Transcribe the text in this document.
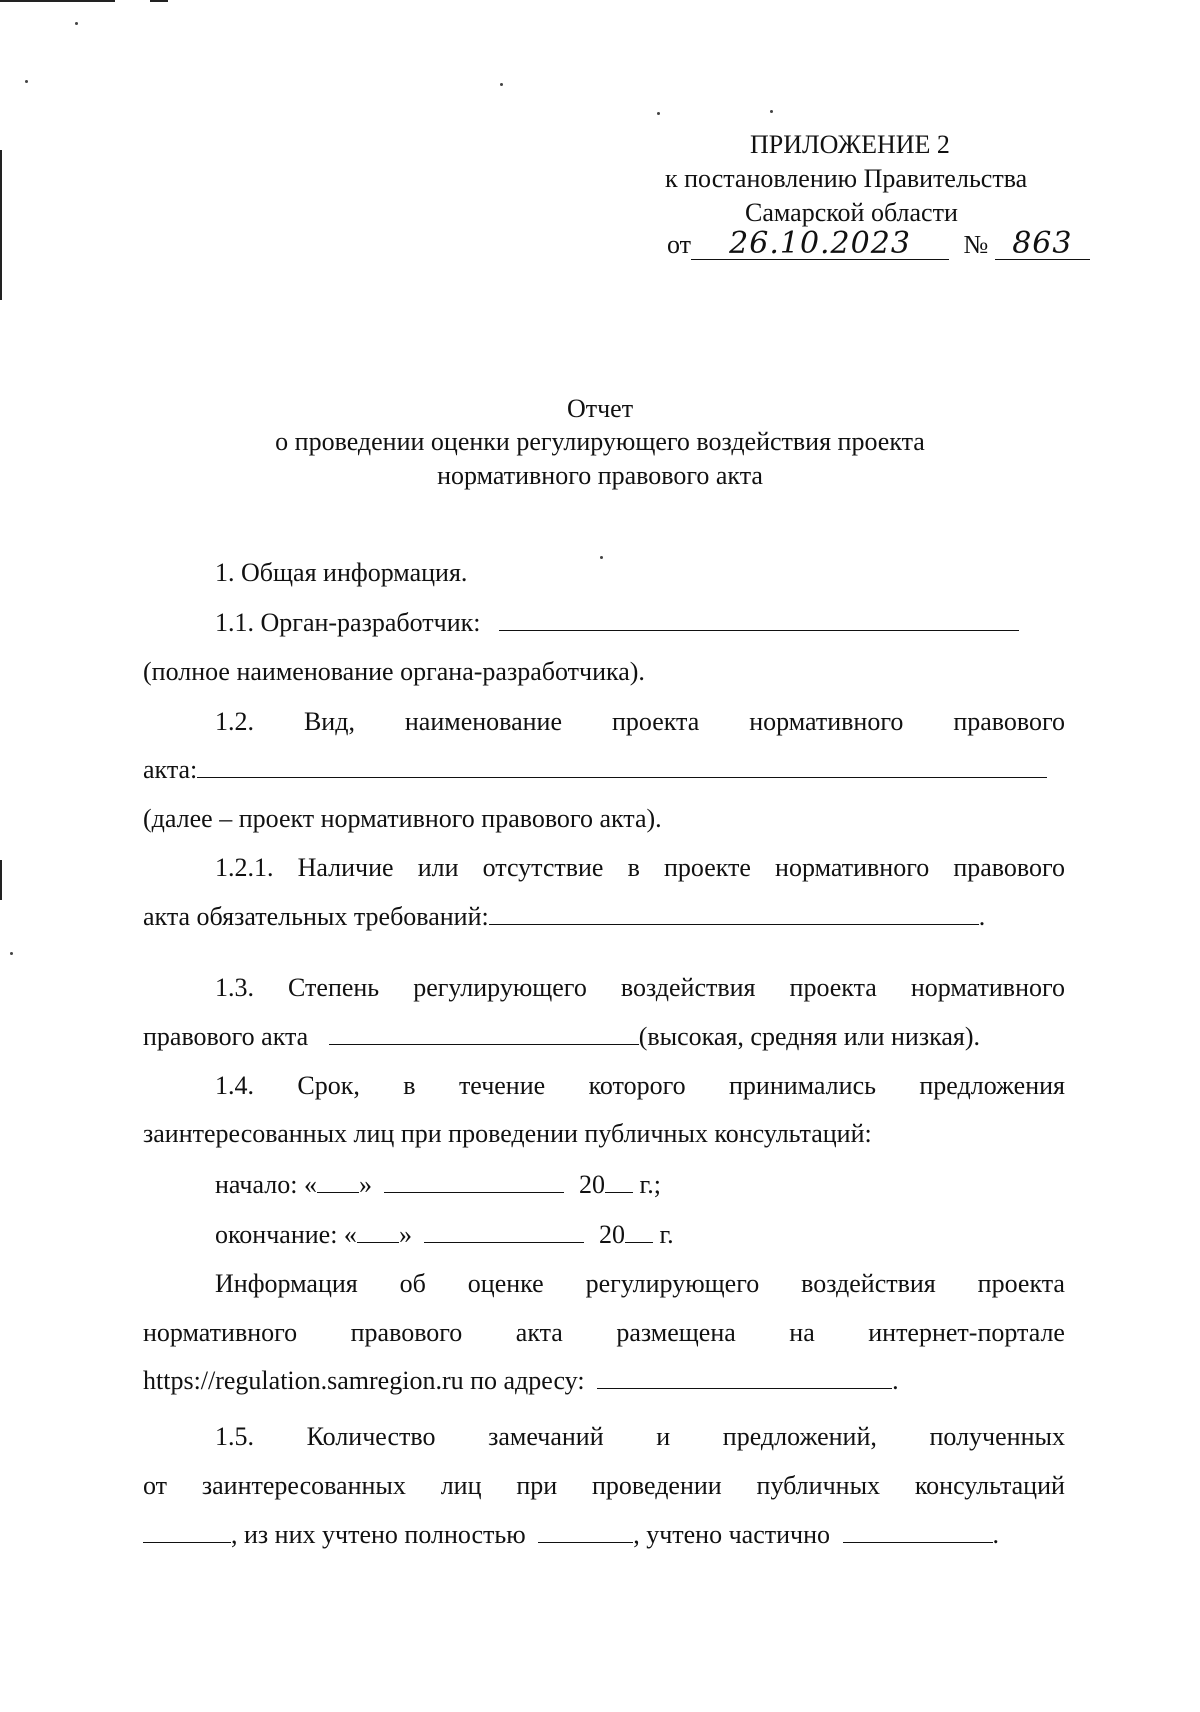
ПРИЛОЖЕНИЕ 2
к постановлению Правительства
Самарской области
от 26.10.2023 № 863
Отчет
о проведении оценки регулирующего воздействия проекта
нормативного правового акта
1. Общая информация.
1.1. Орган-разработчик:
(полное наименование органа-разработчика).
1.2. Вид, наименование проекта нормативного правового
акта:
(далее – проект нормативного правового акта).
1.2.1. Наличие или отсутствие в проекте нормативного правового
акта обязательных требований:	.
1.3. Степень регулирующего воздействия проекта нормативного
правового акта	(высокая, средняя или низкая).
1.4. Срок, в течение которого принимались предложения
заинтересованных лиц при проведении публичных консультаций:
начало: « »	20 г.;
окончание: « »	20 г.
Информация об оценке регулирующего воздействия проекта
нормативного правового акта размещена на интернет-портале
https://regulation.samregion.ru по адресу:	.
1.5. Количество замечаний и предложений, полученных
от заинтересованных лиц при проведении публичных консультаций
, из них учтено полностью	, учтено частично	.
